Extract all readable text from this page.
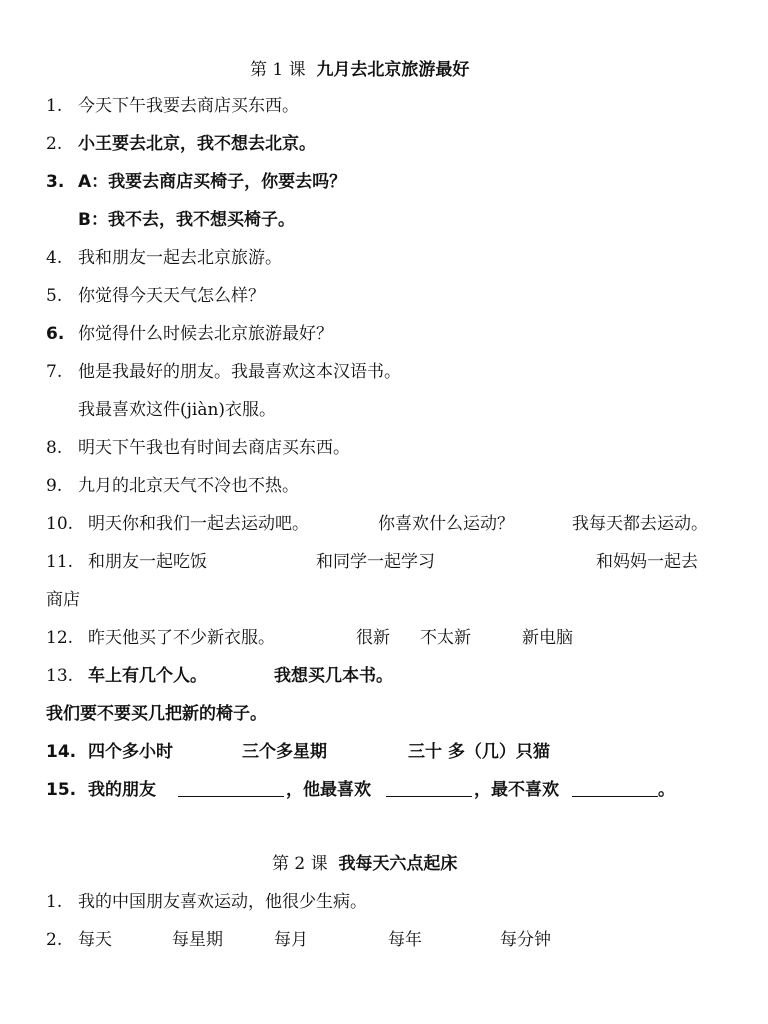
第 1 课 九月去北京旅游最好
1. 今天下午我要去商店买东西。
2. 小王要去北京，我不想去北京。
3. A：我要去商店买椅子，你要去吗？
B：我不去，我不想买椅子。
4. 我和朋友一起去北京旅游。
5. 你觉得今天天气怎么样？
6. 你觉得什么时候去北京旅游最好？
7. 他是我最好的朋友。我最喜欢这本汉语书。
我最喜欢这件(jiàn)衣服。
8. 明天下午我也有时间去商店买东西。
9. 九月的北京天气不冷也不热。
10. 明天你和我们一起去运动吧。	你喜欢什么运动？	我每天都去运动。
11. 和朋友一起吃饭	和同学一起学习	和妈妈一起去
商店
12. 昨天他买了不少新衣服。	很新 不太新	新电脑
13. 车上有几个人。	我想买几本书。
我们要不要买几把新的椅子。
14. 四个多小时	三个多星期	三十 多（几）只猫
15. 我的朋友	，他最喜欢	，最不喜欢	。
第 2 课 我每天六点起床
1. 我的中国朋友喜欢运动，他很少生病。
2. 每天	每星期	每月	每年	每分钟
